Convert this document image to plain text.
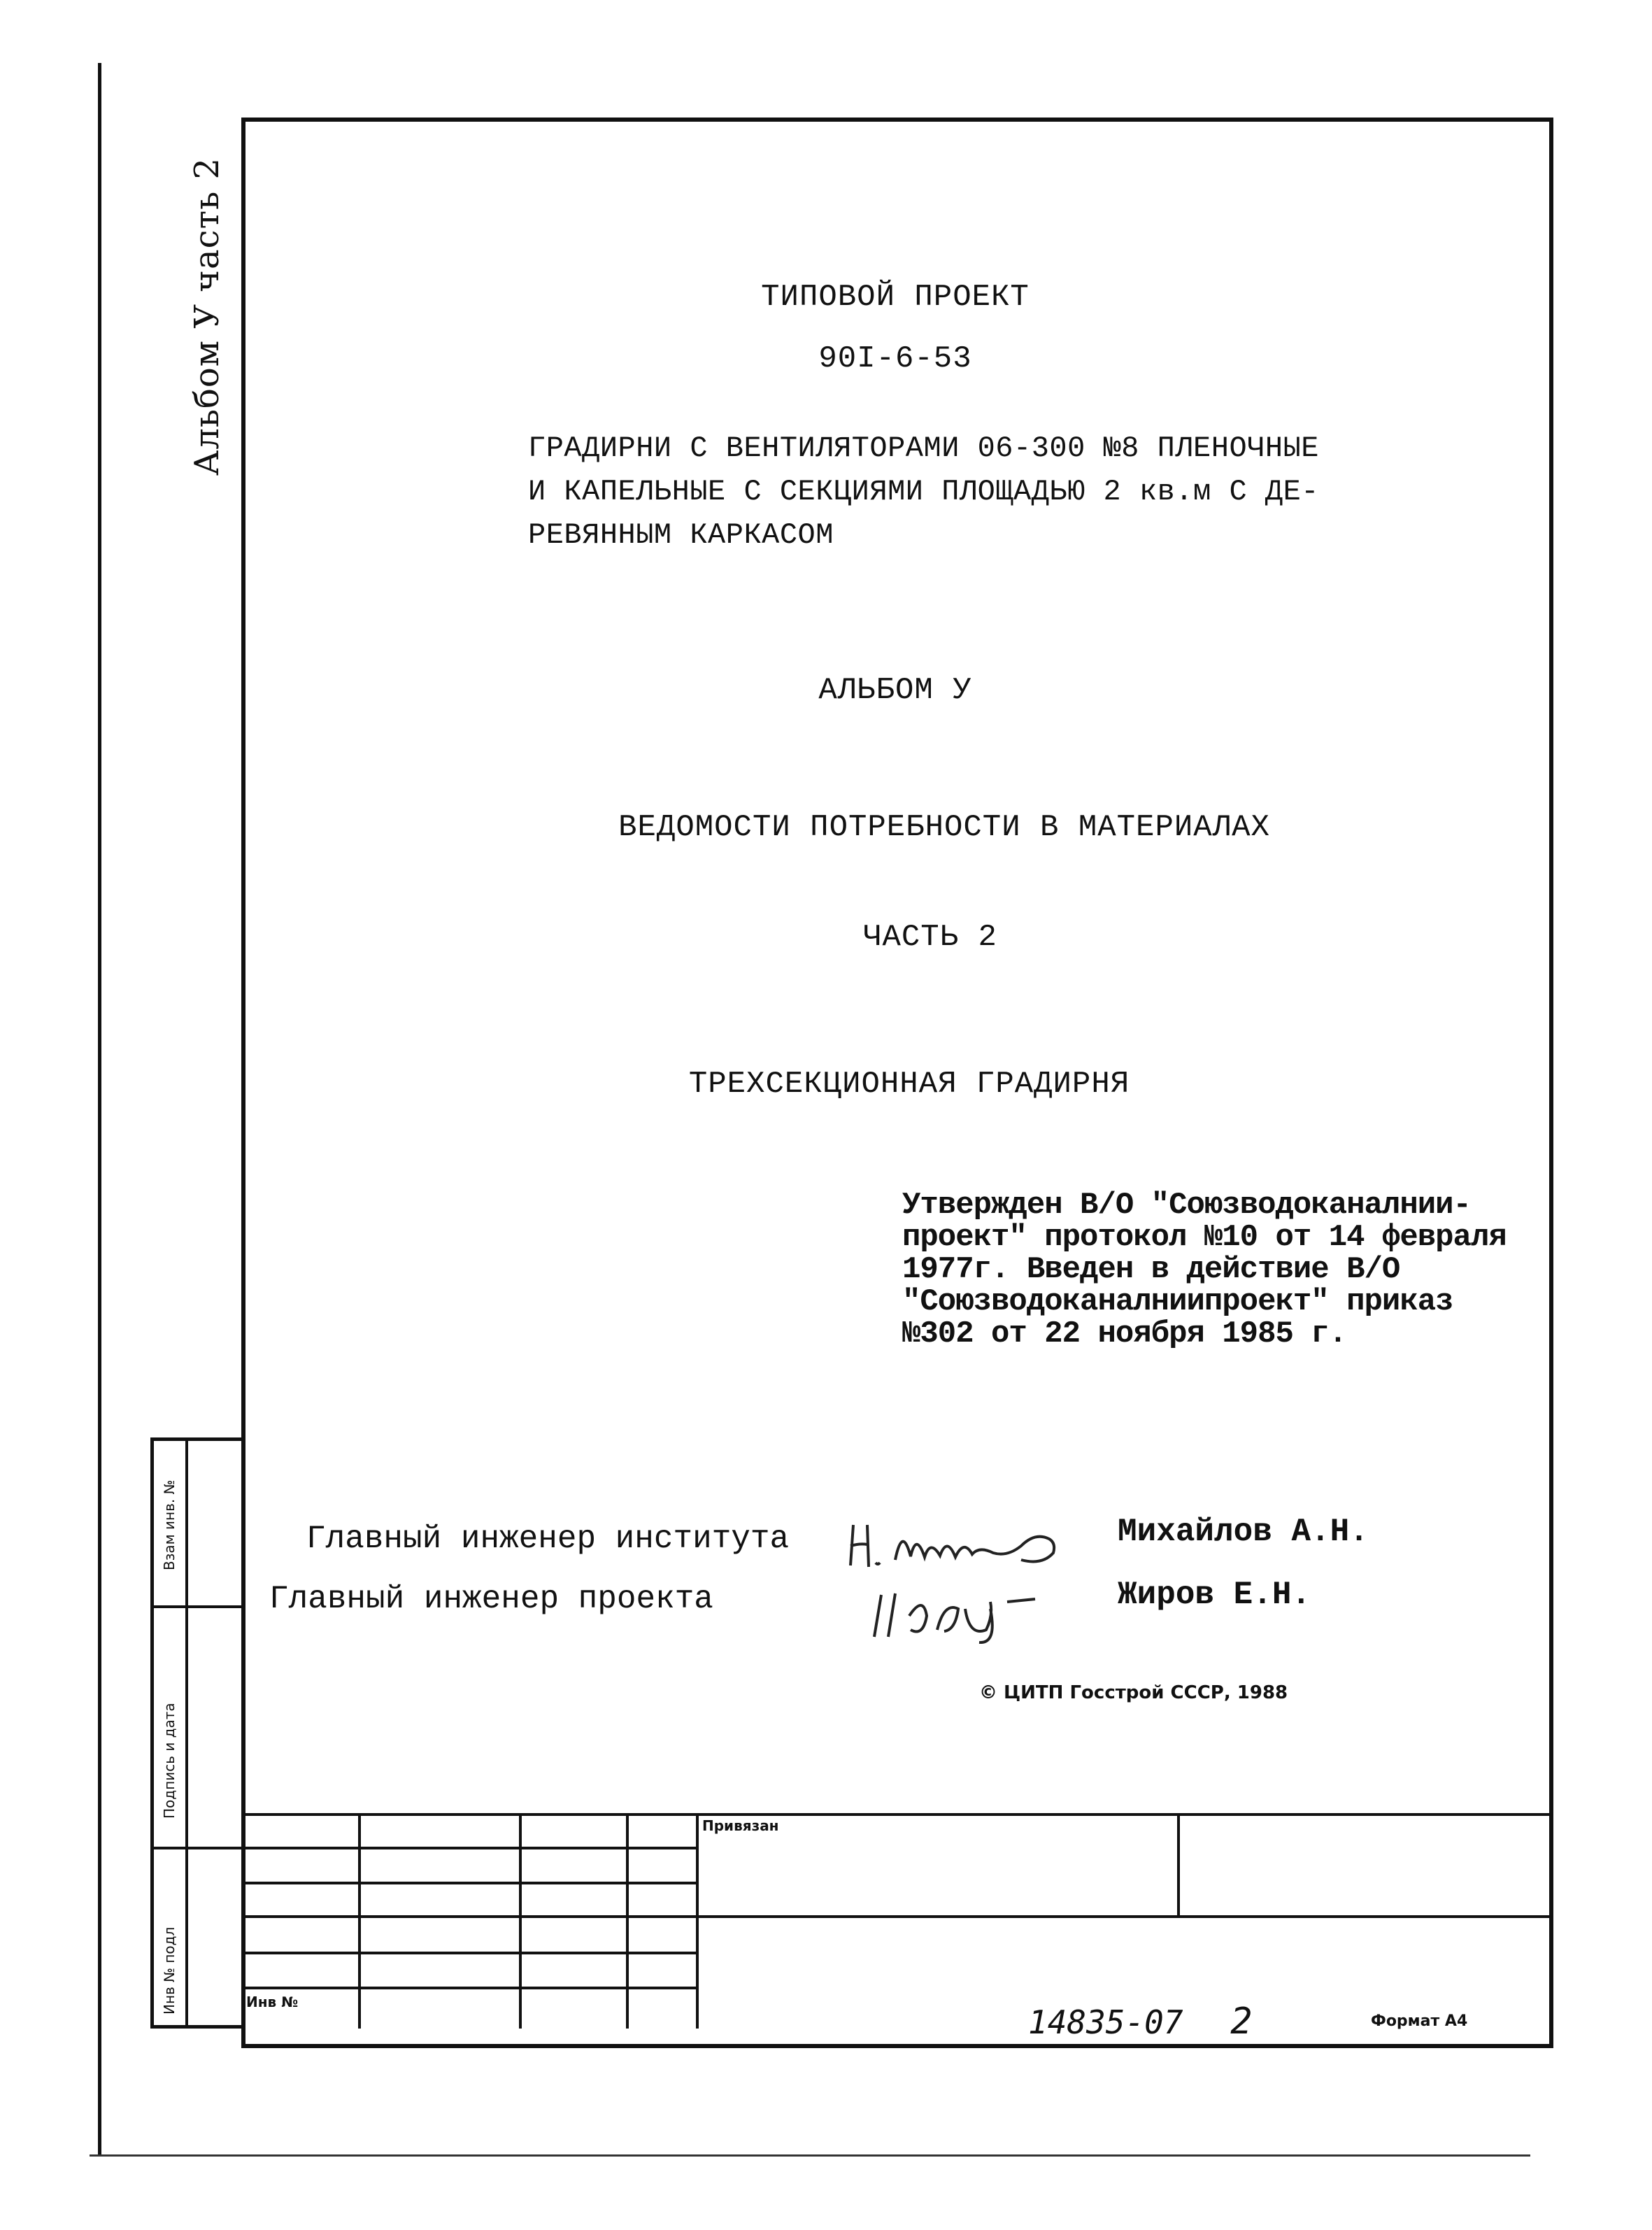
Альбом У часть 2	ТИПОВОЙ ПРОЕКТ
90I-6-53
ГРАДИРНИ С ВЕНТИЛЯТОРАМИ 06-300 №8 ПЛЕНОЧНЫЕ
И КАПЕЛЬНЫЕ С СЕКЦИЯМИ ПЛОЩАДЬЮ 2 кв.м С ДЕ-
РЕВЯННЫМ КАРКАСОМ
АЛЬБОМ У
ВЕДОМОСТИ ПОТРЕБНОСТИ В МАТЕРИАЛАХ
ЧАСТЬ 2
ТРЕХСЕКЦИОННАЯ ГРАДИРНЯ
Утвержден В/О "Союзводоканалнии-
проект" протокол №10 от 14 февраля
1977г. Введен в действие В/О
"Союзводоканалниипроект" приказ
№302 от 22 ноября 1985 г.
Главный инженер института
Главный инженер проекта
Михайлов А.Н.
Жиров Е.Н.
© ЦИТП Госстрой СССР, 1988
Взам инв. №
Подпись и дата
Инв № подл
Привязан
Инв №
14835-07 2	Формат А4
